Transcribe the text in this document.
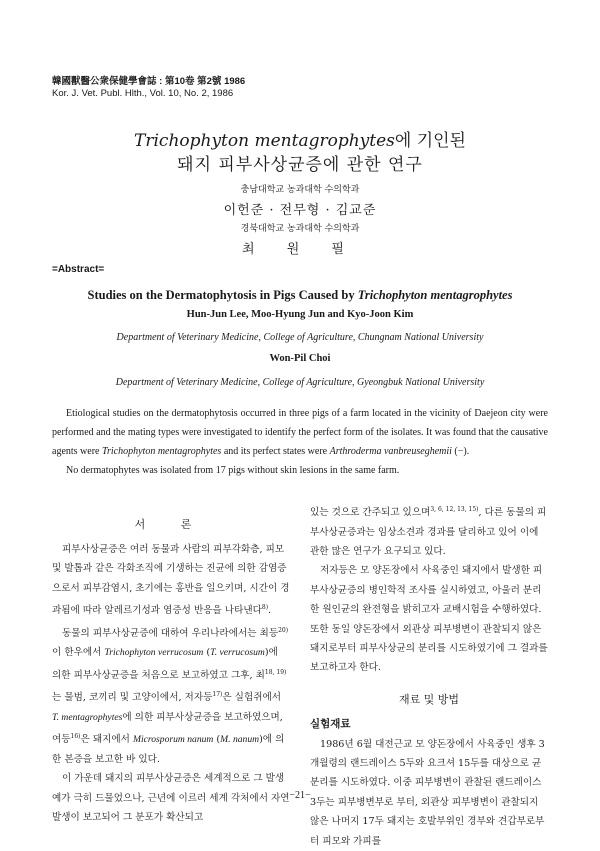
韓國獸醫公衆保健學會誌 : 第10卷 第2號 1986
Kor. J. Vet. Publ. Hlth., Vol. 10, No. 2, 1986
Trichophyton mentagrophytes에 기인된
돼지 피부사상균증에 관한 연구
충남대학교 농과대학 수의학과
이헌준 · 전무형 · 김교준
경북대학교 농과대학 수의학과
최 원 필
=Abstract=
Studies on the Dermatophytosis in Pigs Caused by Trichophyton mentagrophytes
Hun-Jun Lee, Moo-Hyung Jun and Kyo-Joon Kim
Department of Veterinary Medicine, College of Agriculture, Chungnam National University
Won-Pil Choi
Department of Veterinary Medicine, College of Agriculture, Gyeongbuk National University

Etiological studies on the dermatophytosis occurred in three pigs of a farm located in the vicinity of Daejeon city were performed and the mating types were investigated to identify the perfect form of the isolates. It was found that the causative agents were Trichophyton mentagrophytes and its perfect states were Arthroderma vanbreuseghemii (−).

No dermatophytes was isolated from 17 pigs without skin lesions in the same farm.

서 론

피부사상균증은 여러 동물과 사람의 피부각화층, 피모 및 발톱과 같은 각화조직에 기생하는 진균에 의한 감염증으로서 피부감염시, 초기에는 홍반을 일으키며, 시간이 경과됨에 따라 알레르기성과 염증성 반응을 나타낸다$^{8)}$.

동물의 피부사상균증에 대하여 우리나라에서는 최등$^{20)}$이 한우에서 Trichophyton verrucosum (T. verrucosum)에 의한 피부사상균증을 처음으로 보고하였고 그후, 최$^{18, 19)}$는 물범, 코끼리 및 고양이에서, 저자등$^{17)}$은 실험쥐에서 T. mentagrophytes에 의한 피부사상균증을 보고하였으며, 여등$^{16)}$은 돼지에서 Microsporum nanum (M. nanum)에 의한 본증을 보고한 바 있다.

이 가운데 돼지의 피부사상균증은 세계적으로 그 발생예가 극히 드물었으나, 근년에 이르러 세계 각처에서 자연발생이 보고되어 그 분포가 확산되고

있는 것으로 간주되고 있으며$^{3, 6, 12, 13, 15)}$, 다른 동물의 피부사상균증과는 임상소견과 경과를 달리하고 있어 이에 관한 많은 연구가 요구되고 있다.

저자등은 모 양돈장에서 사육중인 돼지에서 발생한 피부사상균증의 병인학적 조사를 실시하였고, 아울러 분리한 원인균의 완전형을 밝히고자 교배시험을 수행하였다. 또한 동일 양돈장에서 외관상 피부병변이 관찰되지 않은 돼지로부터 피부사상균의 분리를 시도하였기에 그 결과를 보고하고자 한다.

재료 및 방법

실험재료

1986년 6월 대전근교 모 양돈장에서 사육중인 생후 3개월령의 랜드레이스 5두와 요크셔 15두를 대상으로 균분리를 시도하였다. 이중 피부병변이 관찰된 랜드레이스 3두는 피부병변부로 부터, 외관상 피부병변이 관찰되지 않은 나머지 17두 돼지는 호발부위인 경부와 견갑부로부터 피모와 가피를

−21−
